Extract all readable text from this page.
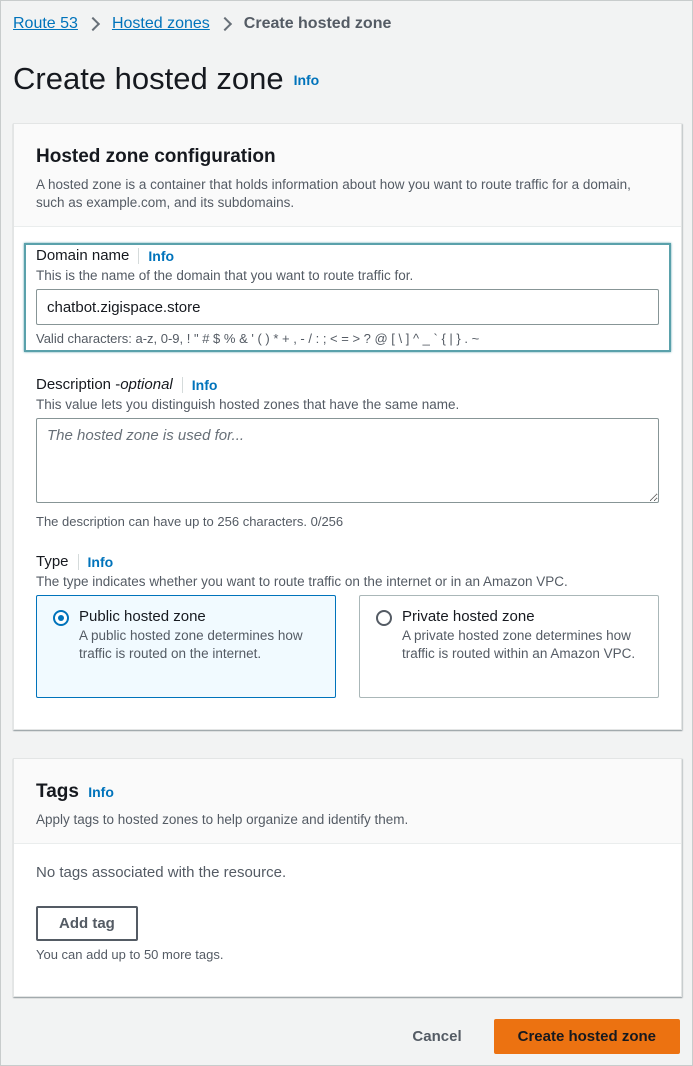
Route 53 Hosted zones Create hosted zone
Create hosted zone Info
Hosted zone configuration

A hosted zone is a container that holds information about how you want to route traffic for a domain, such as example.com, and its subdomains.

Domain name	Info
This is the name of the domain that you want to route traffic for.
chatbot.zigispace.store
Valid characters: a-z, 0-9, ! " # $ % & ' ( ) * + , - / : ; < = > ? @ [ \ ] ^ _ ` { | } . ~
Description - optional	Info
This value lets you distinguish hosted zones that have the same name.
The hosted zone is used for...
The description can have up to 256 characters. 0/256
Type	Info
The type indicates whether you want to route traffic on the internet or in an Amazon VPC.
Public hosted zone
A public hosted zone determines how traffic is routed on the internet.
Private hosted zone
A private hosted zone determines how traffic is routed within an Amazon VPC.
Tags Info

Apply tags to hosted zones to help organize and identify them.

No tags associated with the resource.
Add tag
You can add up to 50 more tags.
Cancel	Create hosted zone
